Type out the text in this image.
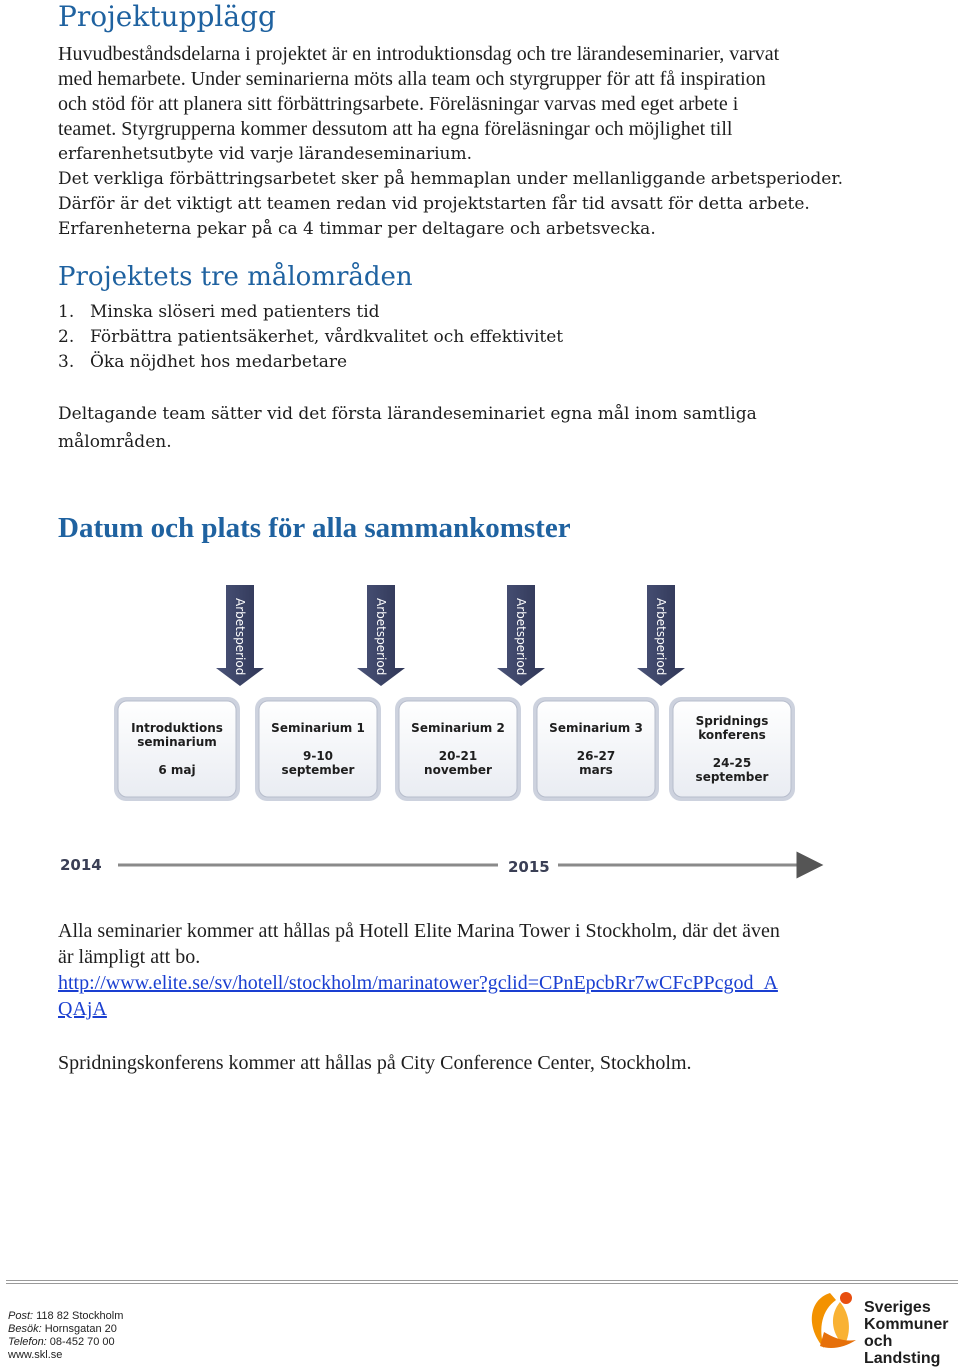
Projektupplägg
Huvudbeståndsdelarna i projektet är en introduktionsdag och tre lärandeseminarier, varvat
med hemarbete. Under seminarierna möts alla team och styrgrupper för att få inspiration
och stöd för att planera sitt förbättringsarbete. Föreläsningar varvas med eget arbete i
teamet. Styrgrupperna kommer dessutom att ha egna föreläsningar och möjlighet till
erfarenhetsutbyte vid varje lärandeseminarium.
Det verkliga förbättringsarbetet sker på hemmaplan under mellanliggande arbetsperioder.
Därför är det viktigt att teamen redan vid projektstarten får tid avsatt för detta arbete.
Erfarenheterna pekar på ca 4 timmar per deltagare och arbetsvecka.
Projektets tre målområden
1. Minska slöseri med patienters tid
2. Förbättra patientsäkerhet, vårdkvalitet och effektivitet
3. Öka nöjdhet hos medarbetare
Deltagande team sätter vid det första lärandeseminariet egna mål inom samtliga
målområden.
Datum och plats för alla sammankomster
Arbetsperiod	Arbetsperiod	Arbetsperiod	Arbetsperiod
Introduktions
seminarium
6 maj
Seminarium 1
9-10
september
Seminarium 2
20-21
november
Seminarium 3
26-27
mars
Spridnings
konferens
24-25
september
2014	2015
Alla seminarier kommer att hållas på Hotell Elite Marina Tower i Stockholm, där det även
är lämpligt att bo.
http://www.elite.se/sv/hotell/stockholm/marinatower?gclid=CPnEpcbRr7wCFcPPcgod_A
QAjA
Spridningskonferens kommer att hållas på City Conference Center, Stockholm.
Post: 118 82 Stockholm
Besök: Hornsgatan 20
Telefon: 08-452 70 00
www.skl.se
Sveriges
Kommuner
och Landsting
